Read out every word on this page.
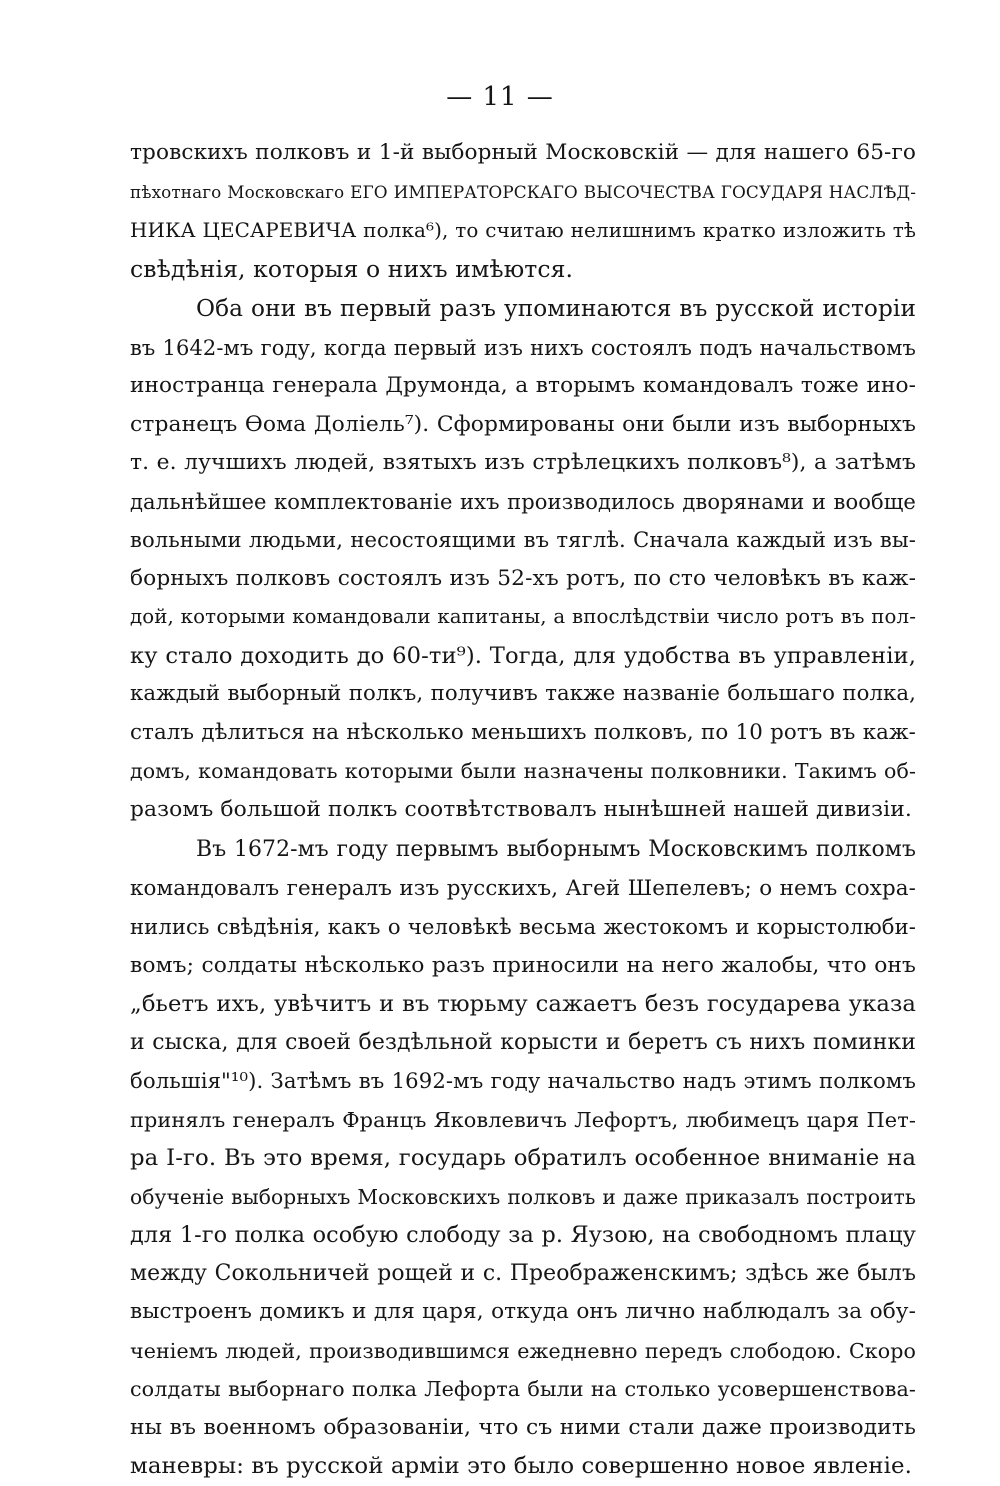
— 11 —
тровскихъ полковъ и 1-й выборный Московскій — для нашего 65-го
пѣхотнаго Московскаго ЕГО ИМПЕРАТОРСКАГО ВЫСОЧЕСТВА ГОСУДАРЯ НАСЛѢД-
НИКА ЦЕСАРЕВИЧА полка⁶), то считаю нелишнимъ кратко изложить тѣ
свѣдѣнія, которыя о нихъ имѣются.
Оба они въ первый разъ упоминаются въ русской исторіи
въ 1642-мъ году, когда первый изъ нихъ состоялъ подъ начальствомъ
иностранца генерала Друмонда, а вторымъ командовалъ тоже ино-
странецъ Ѳома Доліель⁷). Сформированы они были изъ выборныхъ
т. е. лучшихъ людей, взятыхъ изъ стрѣлецкихъ полковъ⁸), а затѣмъ
дальнѣйшее комплектованіе ихъ производилось дворянами и вообще
вольными людьми, несостоящими въ тяглѣ. Сначала каждый изъ вы-
борныхъ полковъ состоялъ изъ 52-хъ ротъ, по сто человѣкъ въ каж-
дой, которыми командовали капитаны, а впослѣдствіи число ротъ въ пол-
ку стало доходить до 60-ти⁹). Тогда, для удобства въ управленіи,
каждый выборный полкъ, получивъ также названіе большаго полка,
сталъ дѣлиться на нѣсколько меньшихъ полковъ, по 10 ротъ въ каж-
домъ, командовать которыми были назначены полковники. Такимъ об-
разомъ большой полкъ соотвѣтствовалъ нынѣшней нашей дивизіи.
Въ 1672-мъ году первымъ выборнымъ Московскимъ полкомъ
командовалъ генералъ изъ русскихъ, Агей Шепелевъ; о немъ сохра-
нились свѣдѣнія, какъ о человѣкѣ весьма жестокомъ и корыстолюби-
вомъ; солдаты нѣсколько разъ приносили на него жалобы, что онъ
„бьетъ ихъ, увѣчитъ и въ тюрьму сажаетъ безъ государева указа
и сыска, для своей бездѣльной корысти и беретъ съ нихъ поминки
большія"¹⁰). Затѣмъ въ 1692-мъ году начальство надъ этимъ полкомъ
принялъ генералъ Францъ Яковлевичъ Лефортъ, любимецъ царя Пет-
ра I-го. Въ это время, государь обратилъ особенное вниманіе на
обученіе выборныхъ Московскихъ полковъ и даже приказалъ построить
для 1-го полка особую слободу за р. Яузою, на свободномъ плацу
между Сокольничей рощей и с. Преображенскимъ; здѣсь же былъ
выстроенъ домикъ и для царя, откуда онъ лично наблюдалъ за обу-
ченіемъ людей, производившимся ежедневно передъ слободою. Скоро
солдаты выборнаго полка Лефорта были на столько усовершенствова-
ны въ военномъ образованіи, что съ ними стали даже производить
маневры: въ русской арміи это было совершенно новое явленіе.
